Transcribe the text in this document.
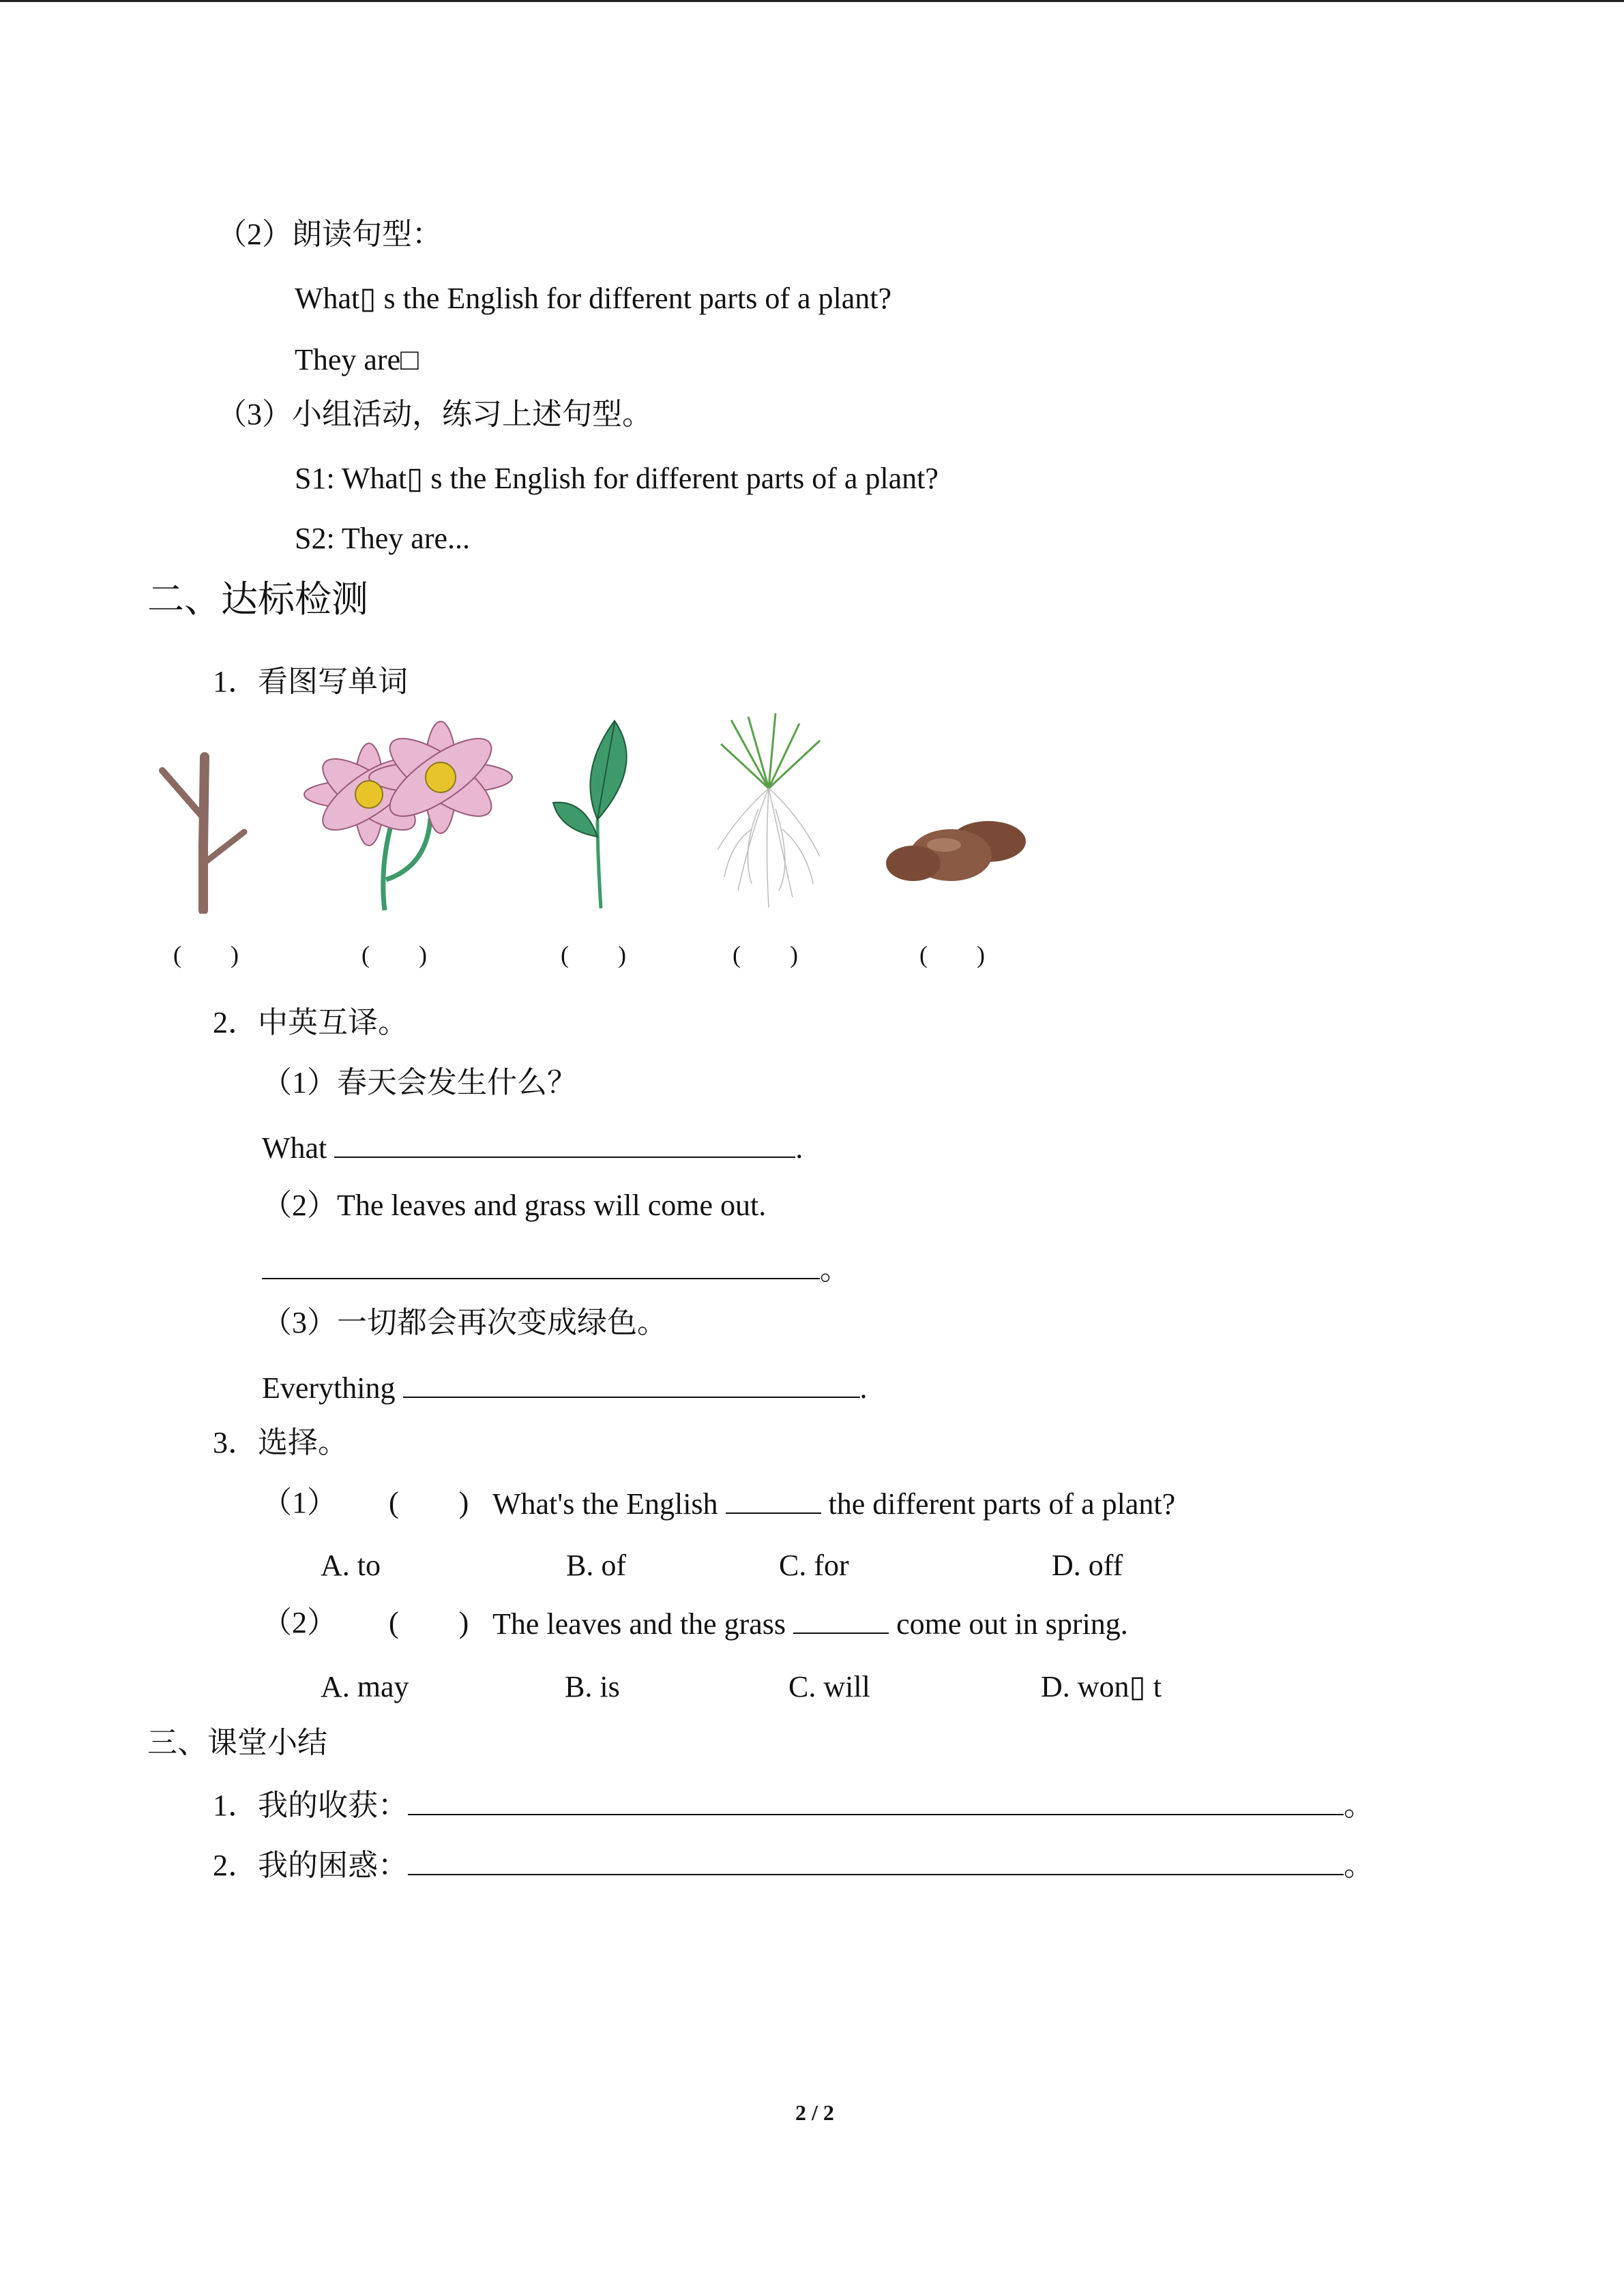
（2）朗读句型：
What▯ s the English for different parts of a plant?
They are□
（3）小组活动，练习上述句型。
S1: What▯ s the English for different parts of a plant?
S2: They are...
二、达标检测
1．看图写单词
(　　)	(　　)	(　　)	(　　)	(　　)
2．中英互译。
（1）春天会发生什么？
What	.
（2）The leaves and grass will come out.
。
（3）一切都会再次变成绿色。
Everything	.
3．选择。
（1） (　　) What's the English	the different parts of a plant?
A. to	B. of	C. for	D. off
（2） (　　) The leaves and the grass	come out in spring.
A. may	B. is	C. will	D. won▯ t
三、课堂小结
1．我的收获：	。
2．我的困惑：	。
2 / 2
